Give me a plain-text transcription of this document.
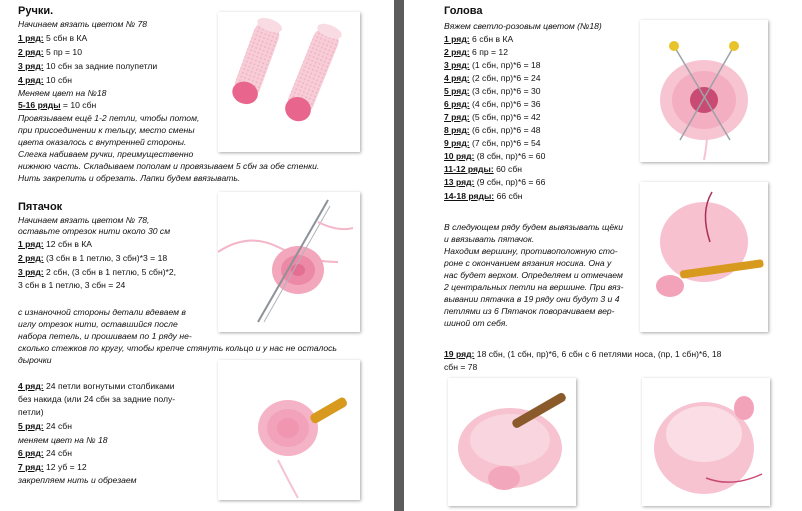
Ручки.
Начинаем вязать цветом № 78
1 ряд: 5 сбн в КА
2 ряд: 5 пр = 10
3 ряд: 10 сбн за задние полупетли
4 ряд: 10 сбн
Меняем цвет на №18
5-16 ряды = 10 сбн
Провязываем ещё 1-2 петли, чтобы потом,
при присоединении к тельцу, место смены
цвета оказалось с внутренней стороны.
Слегка набиваем ручки, преимущественно
нижнюю часть. Складываем пополам и провязываем 5 сбн за обе стенки.
Нить закрепить и обрезать. Лапки будем ввязывать.
Пятачок
Начинаем вязать цветом № 78,
оставьте отрезок нити около 30 см
1 ряд: 12 сбн в КА
2 ряд: (3 сбн в 1 петлю, 3 сбн)*3 = 18
3 ряд: 2 сбн, (3 сбн в 1 петлю, 5 сбн)*2,
3 сбн в 1 петлю, 3 сбн = 24
с изнаночной стороны детали вдеваем в
иглу отрезок нити, оставшийся после
набора петель, и прошиваем по 1 ряду не-
сколько стежков по кругу, чтобы крепче стянуть кольцо и у нас не осталось
дырочки
4 ряд: 24 петли вогнутыми столбиками
без накида (или 24 сбн за задние полу-
петли)
5 ряд: 24 сбн
меняем цвет на № 18
6 ряд: 24 сбн
7 ряд: 12 уб = 12
закрепляем нить и обрезаем
Голова
Вяжем светло-розовым цветом (№18)
1 ряд: 6 сбн в КА
2 ряд: 6 пр = 12
3 ряд: (1 сбн, пр)*6 = 18
4 ряд: (2 сбн, пр)*6 = 24
5 ряд: (3 сбн, пр)*6 = 30
6 ряд: (4 сбн, пр)*6 = 36
7 ряд: (5 сбн, пр)*6 = 42
8 ряд: (6 сбн, пр)*6 = 48
9 ряд: (7 сбн, пр)*6 = 54
10 ряд: (8 сбн, пр)*6 = 60
11-12 ряды: 60 сбн
13 ряд: (9 сбн, пр)*6 = 66
14-18 ряды: 66 сбн
В следующем ряду будем вывязывать щёки
и ввязывать пятачок.
Находим вершину, противоположную сто-
роне с окончанием вязания носика. Она у
нас будет верхом. Определяем и отмечаем
2 центральных петли на вершине. При вяз-
вывании пятачка в 19 ряду они будут 3 и 4
петлями из 6 Пятачок поворачиваем вер-
шиной от себя.
19 ряд: 18 сбн, (1 сбн, пр)*6, 6 сбн с 6 петлями носа, (пр, 1 сбн)*6, 18
сбн = 78
